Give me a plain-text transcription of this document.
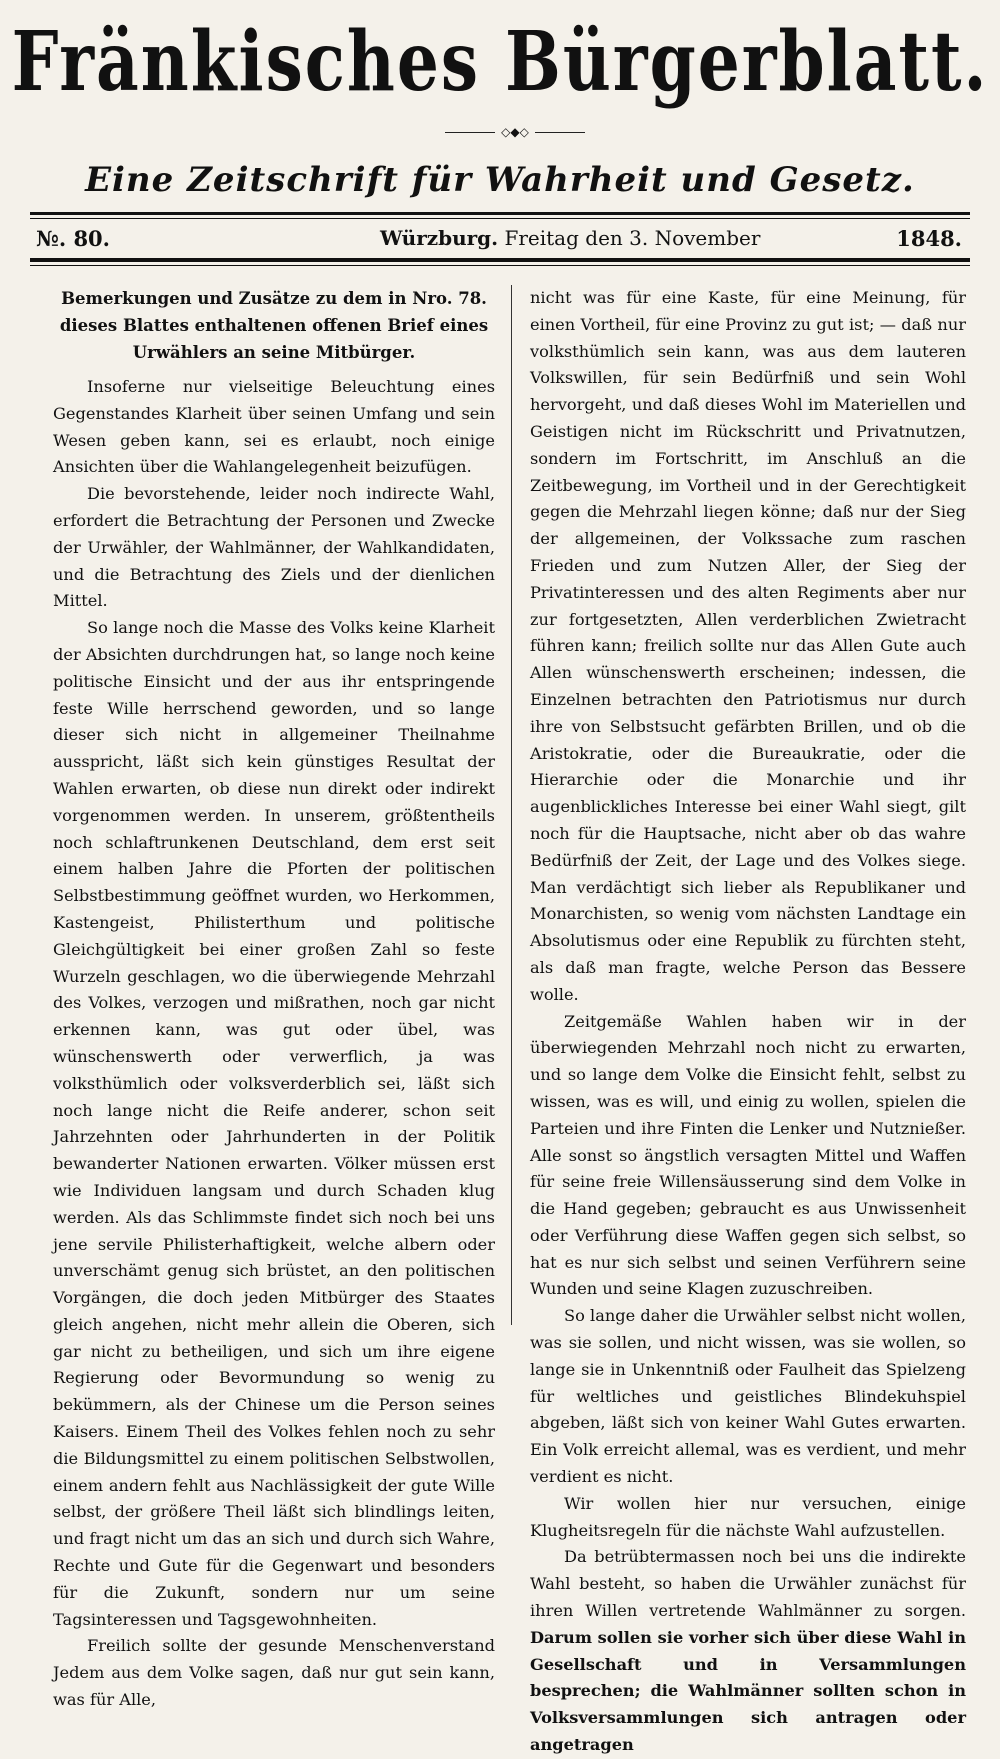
Fränkisches Bürgerblatt.
◇◆◇
Eine Zeitschrift für Wahrheit und Gesetz.
№. 80.	Würzburg. Freitag den 3. November	1848.

Bemerkungen und Zusätze zu dem in Nro. 78. dieses Blattes enthaltenen offenen Brief eines Urwählers an seine Mitbürger.

Insoferne nur vielseitige Beleuchtung eines Gegenstandes Klarheit über seinen Umfang und sein Wesen geben kann, sei es erlaubt, noch einige Ansichten über die Wahlangelegenheit beizufügen.

Die bevorstehende, leider noch indirecte Wahl, erfordert die Betrachtung der Personen und Zwecke der Urwähler, der Wahlmänner, der Wahlkandidaten, und die Betrachtung des Ziels und der dienlichen Mittel.

So lange noch die Masse des Volks keine Klarheit der Absichten durchdrungen hat, so lange noch keine politische Einsicht und der aus ihr entspringende feste Wille herrschend geworden, und so lange dieser sich nicht in allgemeiner Theilnahme ausspricht, läßt sich kein günstiges Resultat der Wahlen erwarten, ob diese nun direkt oder indirekt vorgenommen werden. In unserem, größtentheils noch schlaftrunkenen Deutschland, dem erst seit einem halben Jahre die Pforten der politischen Selbstbestimmung geöffnet wurden, wo Herkommen, Kastengeist, Philisterthum und politische Gleichgültigkeit bei einer großen Zahl so feste Wurzeln geschlagen, wo die überwiegende Mehrzahl des Volkes, verzogen und mißrathen, noch gar nicht erkennen kann, was gut oder übel, was wünschenswerth oder verwerflich, ja was volksthümlich oder volksverderblich sei, läßt sich noch lange nicht die Reife anderer, schon seit Jahrzehnten oder Jahrhunderten in der Politik bewanderter Nationen erwarten. Völker müssen erst wie Individuen langsam und durch Schaden klug werden. Als das Schlimmste findet sich noch bei uns jene servile Philisterhaftigkeit, welche albern oder unverschämt genug sich brüstet, an den politischen Vorgängen, die doch jeden Mitbürger des Staates gleich angehen, nicht mehr allein die Oberen, sich gar nicht zu betheiligen, und sich um ihre eigene Regierung oder Bevormundung so wenig zu bekümmern, als der Chinese um die Person seines Kaisers. Einem Theil des Volkes fehlen noch zu sehr die Bildungsmittel zu einem politischen Selbstwollen, einem andern fehlt aus Nachlässigkeit der gute Wille selbst, der größere Theil läßt sich blindlings leiten, und fragt nicht um das an sich und durch sich Wahre, Rechte und Gute für die Gegenwart und besonders für die Zukunft, sondern nur um seine Tagsinteressen und Tagsgewohnheiten.

Freilich sollte der gesunde Menschenverstand Jedem aus dem Volke sagen, daß nur gut sein kann, was für Alle,

nicht was für eine Kaste, für eine Meinung, für einen Vortheil, für eine Provinz zu gut ist; — daß nur volksthümlich sein kann, was aus dem lauteren Volkswillen, für sein Bedürfniß und sein Wohl hervorgeht, und daß dieses Wohl im Materiellen und Geistigen nicht im Rückschritt und Privatnutzen, sondern im Fortschritt, im Anschluß an die Zeitbewegung, im Vortheil und in der Gerechtigkeit gegen die Mehrzahl liegen könne; daß nur der Sieg der allgemeinen, der Volkssache zum raschen Frieden und zum Nutzen Aller, der Sieg der Privatinteressen und des alten Regiments aber nur zur fortgesetzten, Allen verderblichen Zwietracht führen kann; freilich sollte nur das Allen Gute auch Allen wünschenswerth erscheinen; indessen, die Einzelnen betrachten den Patriotismus nur durch ihre von Selbstsucht gefärbten Brillen, und ob die Aristokratie, oder die Bureaukratie, oder die Hierarchie oder die Monarchie und ihr augenblickliches Interesse bei einer Wahl siegt, gilt noch für die Hauptsache, nicht aber ob das wahre Bedürfniß der Zeit, der Lage und des Volkes siege. Man verdächtigt sich lieber als Republikaner und Monarchisten, so wenig vom nächsten Landtage ein Absolutismus oder eine Republik zu fürchten steht, als daß man fragte, welche Person das Bessere wolle.

Zeitgemäße Wahlen haben wir in der überwiegenden Mehrzahl noch nicht zu erwarten, und so lange dem Volke die Einsicht fehlt, selbst zu wissen, was es will, und einig zu wollen, spielen die Parteien und ihre Finten die Lenker und Nutznießer. Alle sonst so ängstlich versagten Mittel und Waffen für seine freie Willensäusserung sind dem Volke in die Hand gegeben; gebraucht es aus Unwissenheit oder Verführung diese Waffen gegen sich selbst, so hat es nur sich selbst und seinen Verführern seine Wunden und seine Klagen zuzuschreiben.

So lange daher die Urwähler selbst nicht wollen, was sie sollen, und nicht wissen, was sie wollen, so lange sie in Unkenntniß oder Faulheit das Spielzeng für weltliches und geistliches Blindekuhspiel abgeben, läßt sich von keiner Wahl Gutes erwarten. Ein Volk erreicht allemal, was es verdient, und mehr verdient es nicht.

Wir wollen hier nur versuchen, einige Klugheitsregeln für die nächste Wahl aufzustellen.

Da betrübtermassen noch bei uns die indirekte Wahl besteht, so haben die Urwähler zunächst für ihren Willen vertretende Wahlmänner zu sorgen. Darum sollen sie vorher sich über diese Wahl in Gesellschaft und in Versammlungen besprechen; die Wahlmänner sollten schon in Volksversammlungen sich antragen oder angetragen
